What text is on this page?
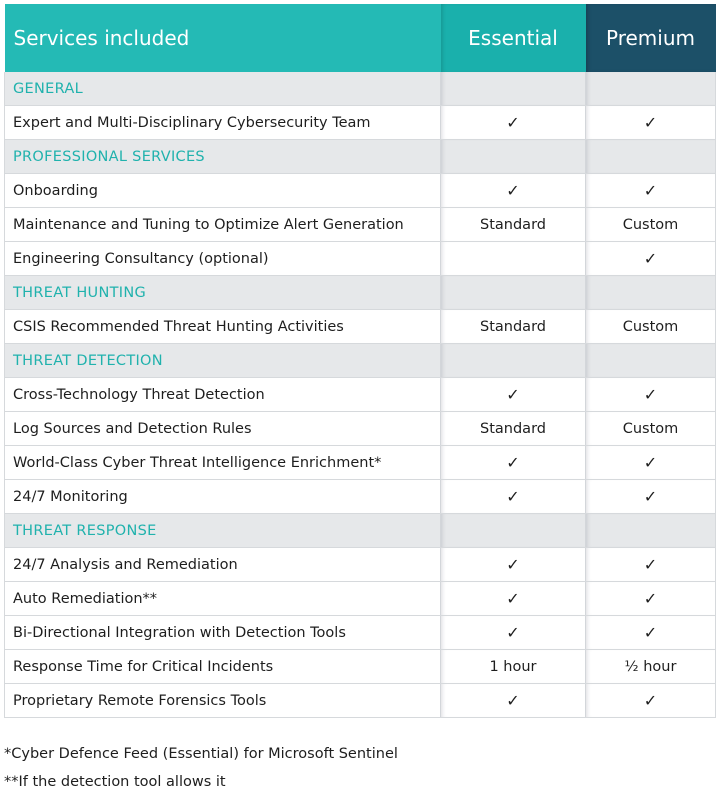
Services included	Essential	Premium
GENERAL		
Expert and Multi-Disciplinary Cybersecurity Team	✓	✓
PROFESSIONAL SERVICES		
Onboarding	✓	✓
Maintenance and Tuning to Optimize Alert Generation	Standard	Custom
Engineering Consultancy (optional)		✓
THREAT HUNTING		
CSIS Recommended Threat Hunting Activities	Standard	Custom
THREAT DETECTION		
Cross-Technology Threat Detection	✓	✓
Log Sources and Detection Rules	Standard	Custom
World-Class Cyber Threat Intelligence Enrichment*	✓	✓
24/7 Monitoring	✓	✓
THREAT RESPONSE		
24/7 Analysis and Remediation	✓	✓
Auto Remediation**	✓	✓
Bi-Directional Integration with Detection Tools	✓	✓
Response Time for Critical Incidents	1 hour	½ hour
Proprietary Remote Forensics Tools	✓	✓
*Cyber Defence Feed (Essential) for Microsoft Sentinel
**If the detection tool allows it
